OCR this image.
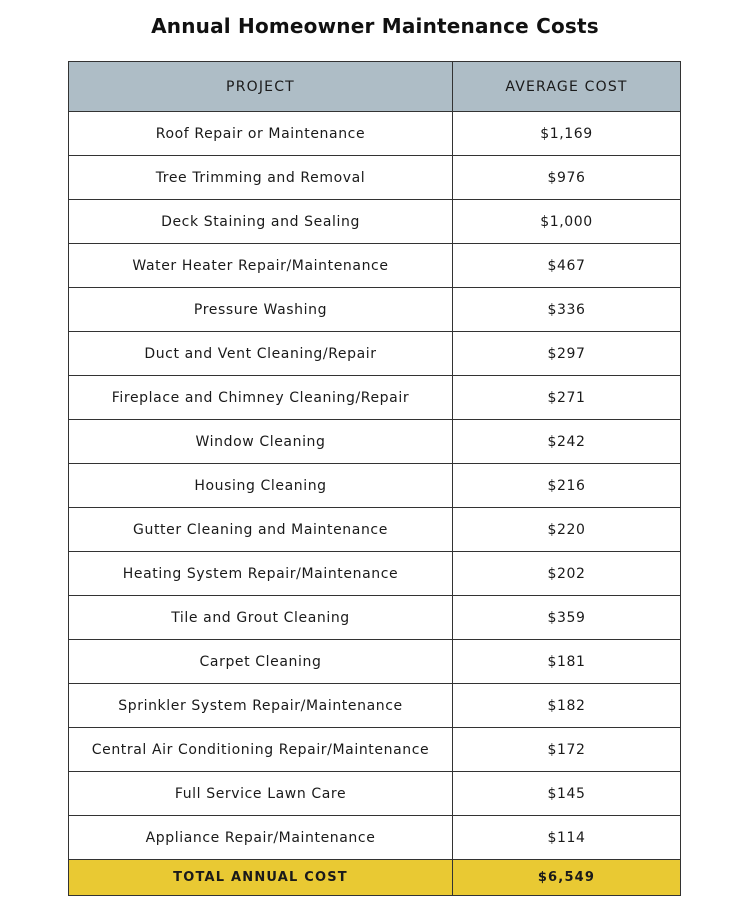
Annual Homeowner Maintenance Costs
PROJECT	AVERAGE COST
Roof Repair or Maintenance	$1,169
Tree Trimming and Removal	$976
Deck Staining and Sealing	$1,000
Water Heater Repair/Maintenance	$467
Pressure Washing	$336
Duct and Vent Cleaning/Repair	$297
Fireplace and Chimney Cleaning/Repair	$271
Window Cleaning	$242
Housing Cleaning	$216
Gutter Cleaning and Maintenance	$220
Heating System Repair/Maintenance	$202
Tile and Grout Cleaning	$359
Carpet Cleaning	$181
Sprinkler System Repair/Maintenance	$182
Central Air Conditioning Repair/Maintenance	$172
Full Service Lawn Care	$145
Appliance Repair/Maintenance	$114
TOTAL ANNUAL COST	$6,549
